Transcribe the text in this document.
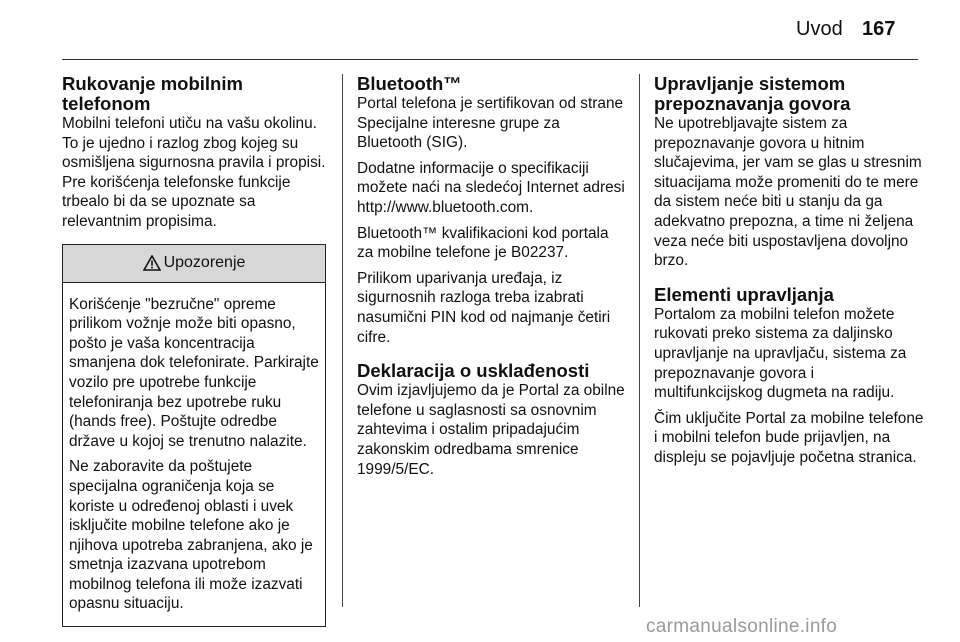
Uvod 167
Rukovanje mobilnim telefonom

Mobilni telefoni utiču na vašu okolinu. To je ujedno i razlog zbog kojeg su osmišljena sigurnosna pravila i propisi. Pre korišćenja telefonske funkcije trbealo bi da se upoznate sa relevantnim propisima.

Upozorenje

Korišćenje "bezručne" opreme prilikom vožnje može biti opasno, pošto je vaša koncentracija smanjena dok telefonirate. Parkirajte vozilo pre upotrebe funkcije telefoniranja bez upotrebe ruku (hands free). Poštujte odredbe države u kojoj se trenutno nalazite.

Ne zaboravite da poštujete specijalna ograničenja koja se koriste u određenoj oblasti i uvek isključite mobilne telefone ako je njihova upotreba zabranjena, ako je smetnja izazvana upotrebom mobilnog telefona ili može izazvati opasnu situaciju.

Bluetooth™

Portal telefona je sertifikovan od strane Specijalne interesne grupe za Bluetooth (SIG).

Dodatne informacije o specifikaciji možete naći na sledećoj Internet adresi http://www.bluetooth.com.

Bluetooth™ kvalifikacioni kod portala za mobilne telefone je B02237.

Prilikom uparivanja uređaja, iz sigurnosnih razloga treba izabrati nasumični PIN kod od najmanje četiri cifre.

Deklaracija o usklađenosti

Ovim izjavljujemo da je Portal za obilne telefone u saglasnosti sa osnovnim zahtevima i ostalim pripadajućim zakonskim odredbama smrenice 1999/5/EC.

Upravljanje sistemom prepoznavanja govora

Ne upotrebljavajte sistem za prepoznavanje govora u hitnim slučajevima, jer vam se glas u stresnim situacijama može promeniti do te mere da sistem neće biti u stanju da ga adekvatno prepozna, a time ni željena veza neće biti uspostavljena dovoljno brzo.

Elementi upravljanja

Portalom za mobilni telefon možete rukovati preko sistema za daljinsko upravljanje na upravljaču, sistema za prepoznavanje govora i multifunkcijskog dugmeta na radiju.

Čim uključite Portal za mobilne telefone i mobilni telefon bude prijavljen, na displeju se pojavljuje početna stranica.

carmanualsonline.info
